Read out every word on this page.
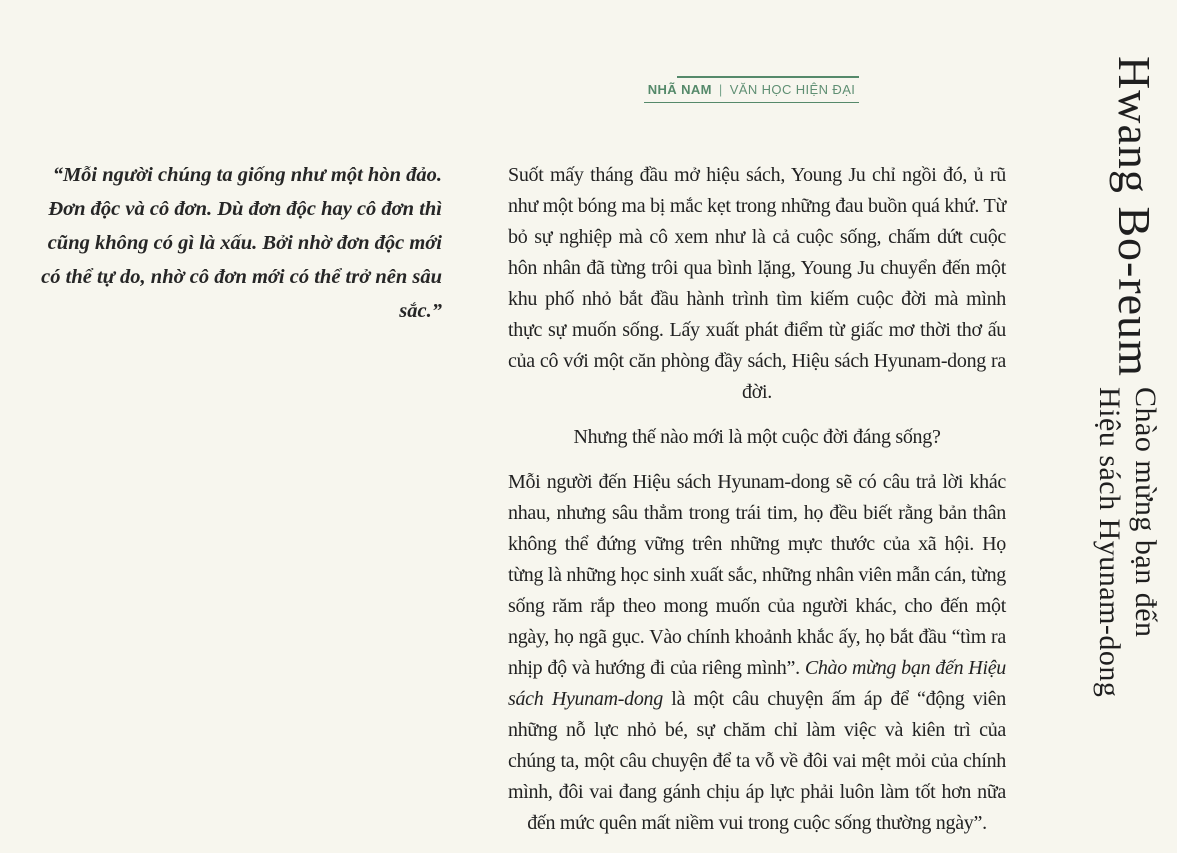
NHÃ NAM | VĂN HỌC HIỆN ĐẠI
“Mỗi người chúng ta giống như một hòn đảo. Đơn độc và cô đơn. Dù đơn độc hay cô đơn thì cũng không có gì là xấu. Bởi nhờ đơn độc mới có thể tự do, nhờ cô đơn mới có thể trở nên sâu sắc.”

Suốt mấy tháng đầu mở hiệu sách, Young Ju chỉ ngồi đó, ủ rũ như một bóng ma bị mắc kẹt trong những đau buồn quá khứ. Từ bỏ sự nghiệp mà cô xem như là cả cuộc sống, chấm dứt cuộc hôn nhân đã từng trôi qua bình lặng, Young Ju chuyển đến một khu phố nhỏ bắt đầu hành trình tìm kiếm cuộc đời mà mình thực sự muốn sống. Lấy xuất phát điểm từ giấc mơ thời thơ ấu của cô với một căn phòng đầy sách, Hiệu sách Hyunam-dong ra đời.

Nhưng thế nào mới là một cuộc đời đáng sống?

Mỗi người đến Hiệu sách Hyunam-dong sẽ có câu trả lời khác nhau, nhưng sâu thẳm trong trái tim, họ đều biết rằng bản thân không thể đứng vững trên những mực thước của xã hội. Họ từng là những học sinh xuất sắc, những nhân viên mẫn cán, từng sống răm rắp theo mong muốn của người khác, cho đến một ngày, họ ngã gục. Vào chính khoảnh khắc ấy, họ bắt đầu “tìm ra nhịp độ và hướng đi của riêng mình”. Chào mừng bạn đến Hiệu sách Hyunam-dong là một câu chuyện ấm áp để “động viên những nỗ lực nhỏ bé, sự chăm chỉ làm việc và kiên trì của chúng ta, một câu chuyện để ta vỗ về đôi vai mệt mỏi của chính mình, đôi vai đang gánh chịu áp lực phải luôn làm tốt hơn nữa đến mức quên mất niềm vui trong cuộc sống thường ngày”.

Hwang Bo-reum
Chào mừng bạn đến
Hiệu sách Hyunam-dong
